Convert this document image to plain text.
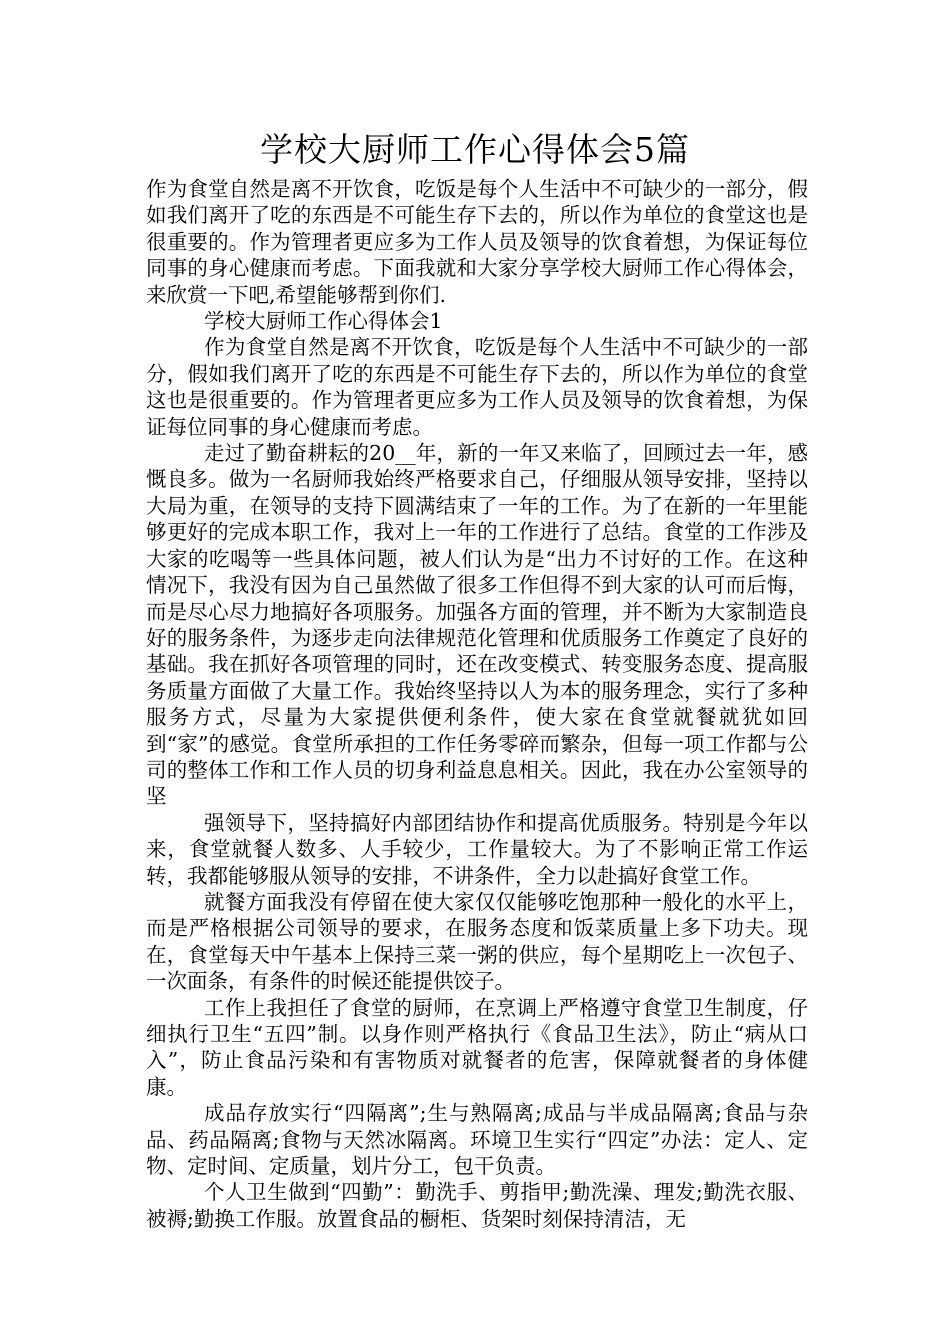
学校大厨师工作心得体会5篇

作为食堂自然是离不开饮食，吃饭是每个人生活中不可缺少的一部分，假如我们离开了吃的东西是不可能生存下去的，所以作为单位的食堂这也是很重要的。作为管理者更应多为工作人员及领导的饮食着想，为保证每位同事的身心健康而考虑。下面我就和大家分享学校大厨师工作心得体会，来欣赏一下吧,希望能够帮到你们.

学校大厨师工作心得体会1

作为食堂自然是离不开饮食，吃饭是每个人生活中不可缺少的一部分，假如我们离开了吃的东西是不可能生存下去的，所以作为单位的食堂这也是很重要的。作为管理者更应多为工作人员及领导的饮食着想，为保证每位同事的身心健康而考虑。

走过了勤奋耕耘的20__年，新的一年又来临了，回顾过去一年，感慨良多。做为一名厨师我始终严格要求自己，仔细服从领导安排，坚持以大局为重，在领导的支持下圆满结束了一年的工作。为了在新的一年里能够更好的完成本职工作，我对上一年的工作进行了总结。食堂的工作涉及大家的吃喝等一些具体问题，被人们认为是“出力不讨好的工作。在这种情况下，我没有因为自己虽然做了很多工作但得不到大家的认可而后悔，而是尽心尽力地搞好各项服务。加强各方面的管理，并不断为大家制造良好的服务条件，为逐步走向法律规范化管理和优质服务工作奠定了良好的基础。我在抓好各项管理的同时，还在改变模式、转变服务态度、提高服务质量方面做了大量工作。我始终坚持以人为本的服务理念，实行了多种服务方式，尽量为大家提供便利条件，使大家在食堂就餐就犹如回到“家”的感觉。食堂所承担的工作任务零碎而繁杂，但每一项工作都与公司的整体工作和工作人员的切身利益息息相关。因此，我在办公室领导的坚

强领导下，坚持搞好内部团结协作和提高优质服务。特别是今年以来，食堂就餐人数多、人手较少，工作量较大。为了不影响正常工作运转，我都能够服从领导的安排，不讲条件，全力以赴搞好食堂工作。

就餐方面我没有停留在使大家仅仅能够吃饱那种一般化的水平上，而是严格根据公司领导的要求，在服务态度和饭菜质量上多下功夫。现在，食堂每天中午基本上保持三菜一粥的供应，每个星期吃上一次包子、一次面条，有条件的时候还能提供饺子。

工作上我担任了食堂的厨师，在烹调上严格遵守食堂卫生制度，仔细执行卫生“五四”制。以身作则严格执行《食品卫生法》，防止“病从口入”，防止食品污染和有害物质对就餐者的危害，保障就餐者的身体健康。

成品存放实行“四隔离”;生与熟隔离;成品与半成品隔离;食品与杂品、药品隔离;食物与天然冰隔离。环境卫生实行“四定”办法：定人、定物、定时间、定质量，划片分工，包干负责。

个人卫生做到“四勤”：勤洗手、剪指甲;勤洗澡、理发;勤洗衣服、被褥;勤换工作服。放置食品的橱柜、货架时刻保持清洁，无
